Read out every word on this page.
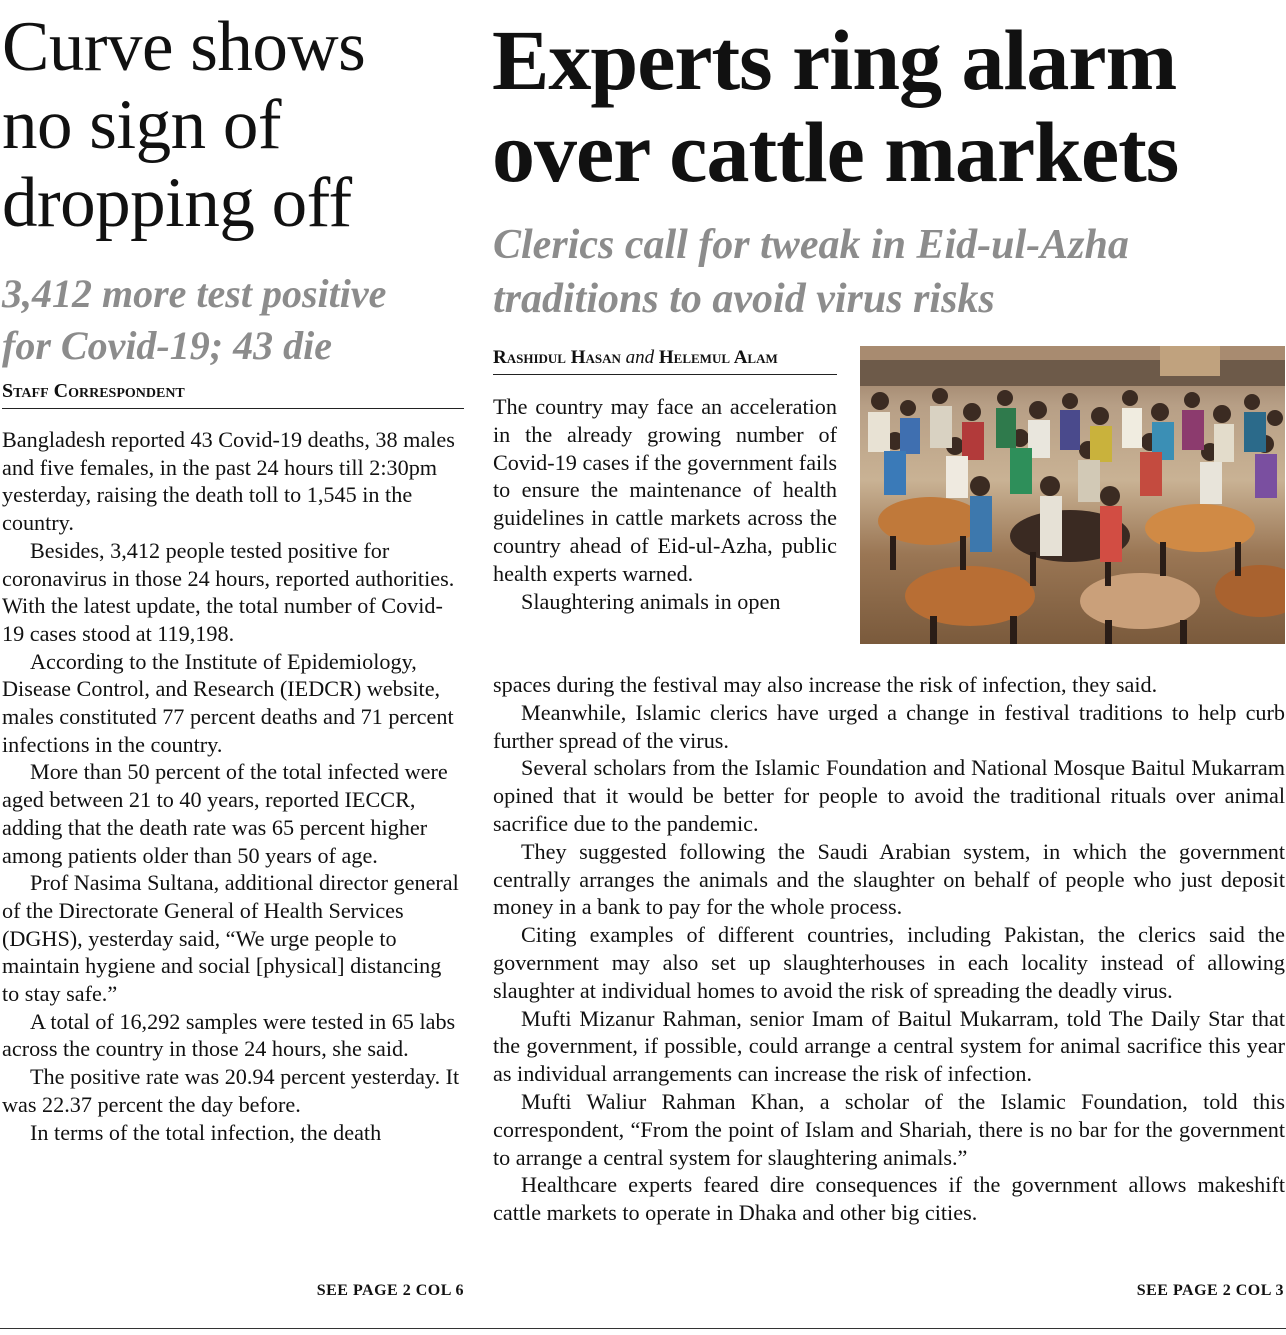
Curve shows
no sign of
dropping off
3,412 more test positive
for Covid-19; 43 die
Staff Correspondent

Bangladesh reported 43 Covid-19 deaths, 38 males and five females, in the past 24 hours till 2:30pm yesterday, raising the death toll to 1,545 in the country.

Besides, 3,412 people tested positive for coronavirus in those 24 hours, reported authorities. With the latest update, the total number of Covid-19 cases stood at 119,198.

According to the Institute of Epidemiology, Disease Control, and Research (IEDCR) website, males constituted 77 percent deaths and 71 percent infections in the country.

More than 50 percent of the total infected were aged between 21 to 40 years, reported IECCR, adding that the death rate was 65 percent higher among patients older than 50 years of age.

Prof Nasima Sultana, additional director general of the Directorate General of Health Services (DGHS), yesterday said, “We urge people to maintain hygiene and social [physical] distancing to stay safe.”

A total of 16,292 samples were tested in 65 labs across the country in those 24 hours, she said.

The positive rate was 20.94 percent yesterday. It was 22.37 percent the day before.

In terms of the total infection, the death

SEE PAGE 2 COL 6
Experts ring alarm
over cattle markets
Clerics call for tweak in Eid-ul-Azha
traditions to avoid virus risks
Rashidul Hasan and Helemul Alam

The country may face an acceleration in the already growing number of Covid-19 cases if the government fails to ensure the maintenance of health guidelines in cattle markets across the country ahead of Eid-ul-Azha, public health experts warned.

Slaughtering animals in open

spaces during the festival may also increase the risk of infection, they said.

Meanwhile, Islamic clerics have urged a change in festival traditions to help curb further spread of the virus.

Several scholars from the Islamic Foundation and National Mosque Baitul Mukarram opined that it would be better for people to avoid the traditional rituals over animal sacrifice due to the pandemic.

They suggested following the Saudi Arabian system, in which the government centrally arranges the animals and the slaughter on behalf of people who just deposit money in a bank to pay for the whole process.

Citing examples of different countries, including Pakistan, the clerics said the government may also set up slaughterhouses in each locality instead of allowing slaughter at individual homes to avoid the risk of spreading the deadly virus.

Mufti Mizanur Rahman, senior Imam of Baitul Mukarram, told The Daily Star that the government, if possible, could arrange a central system for animal sacrifice this year as individual arrangements can increase the risk of infection.

Mufti Waliur Rahman Khan, a scholar of the Islamic Foundation, told this correspondent, “From the point of Islam and Shariah, there is no bar for the government to arrange a central system for slaughtering animals.”

Healthcare experts feared dire consequences if the government allows makeshift cattle markets to operate in Dhaka and other big cities.

SEE PAGE 2 COL 3
